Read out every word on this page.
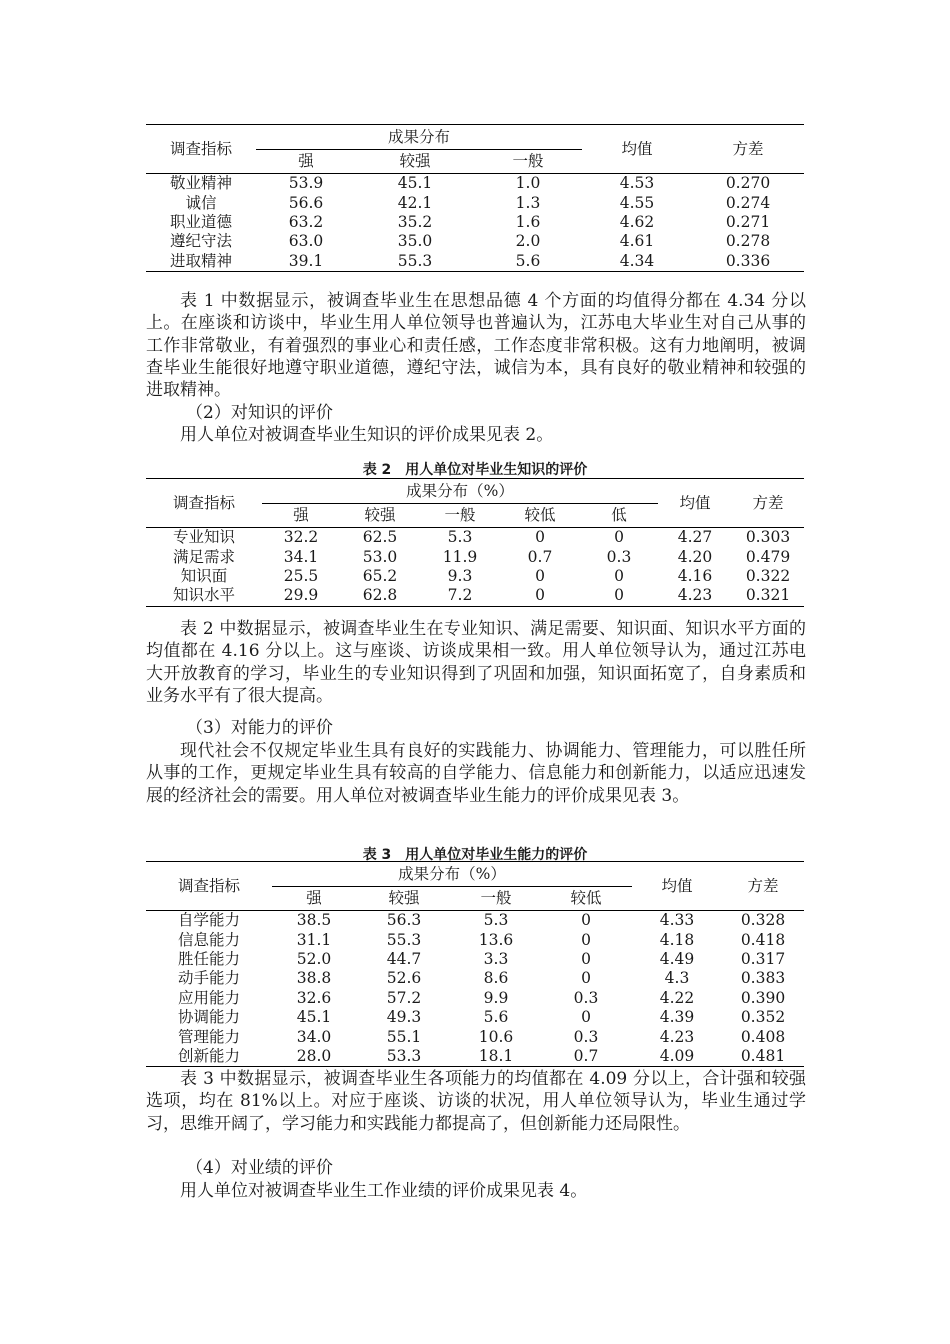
调查指标	成果分布			均值	方差
	强	较强	一般		
敬业精神	53.9	45.1	1.0	4.53	0.270
诚信	56.6	42.1	1.3	4.55	0.274
职业道德	63.2	35.2	1.6	4.62	0.271
遵纪守法	63.0	35.0	2.0	4.61	0.278
进取精神	39.1	55.3	5.6	4.34	0.336

表 1 中数据显示，被调查毕业生在思想品德 4 个方面的均值得分都在 4.34 分以上。在座谈和访谈中，毕业生用人单位领导也普遍认为，江苏电大毕业生对自己从事的工作非常敬业，有着强烈的事业心和责任感，工作态度非常积极。这有力地阐明，被调查毕业生能很好地遵守职业道德，遵纪守法，诚信为本，具有良好的敬业精神和较强的进取精神。

（2）对知识的评价

用人单位对被调查毕业生知识的评价成果见表 2。

表 2　用人单位对毕业生知识的评价
调查指标	成果分布（%）					均值	方差
	强	较强	一般	较低	低		
专业知识	32.2	62.5	5.3	0	0	4.27	0.303
满足需求	34.1	53.0	11.9	0.7	0.3	4.20	0.479
知识面	25.5	65.2	9.3	0	0	4.16	0.322
知识水平	29.9	62.8	7.2	0	0	4.23	0.321

表 2 中数据显示，被调查毕业生在专业知识、满足需要、知识面、知识水平方面的均值都在 4.16 分以上。这与座谈、访谈成果相一致。用人单位领导认为，通过江苏电大开放教育的学习，毕业生的专业知识得到了巩固和加强，知识面拓宽了，自身素质和业务水平有了很大提高。

（3）对能力的评价

现代社会不仅规定毕业生具有良好的实践能力、协调能力、管理能力，可以胜任所从事的工作，更规定毕业生具有较高的自学能力、信息能力和创新能力，以适应迅速发展的经济社会的需要。用人单位对被调查毕业生能力的评价成果见表 3。

表 3　用人单位对毕业生能力的评价
调查指标	成果分布（%）				均值	方差
	强	较强	一般	较低		
自学能力	38.5	56.3	5.3	0	4.33	0.328
信息能力	31.1	55.3	13.6	0	4.18	0.418
胜任能力	52.0	44.7	3.3	0	4.49	0.317
动手能力	38.8	52.6	8.6	0	4.3	0.383
应用能力	32.6	57.2	9.9	0.3	4.22	0.390
协调能力	45.1	49.3	5.6	0	4.39	0.352
管理能力	34.0	55.1	10.6	0.3	4.23	0.408
创新能力	28.0	53.3	18.1	0.7	4.09	0.481

表 3 中数据显示，被调查毕业生各项能力的均值都在 4.09 分以上，合计强和较强选项，均在 81%以上。对应于座谈、访谈的状况，用人单位领导认为，毕业生通过学习，思维开阔了，学习能力和实践能力都提高了，但创新能力还局限性。

（4）对业绩的评价

用人单位对被调查毕业生工作业绩的评价成果见表 4。
